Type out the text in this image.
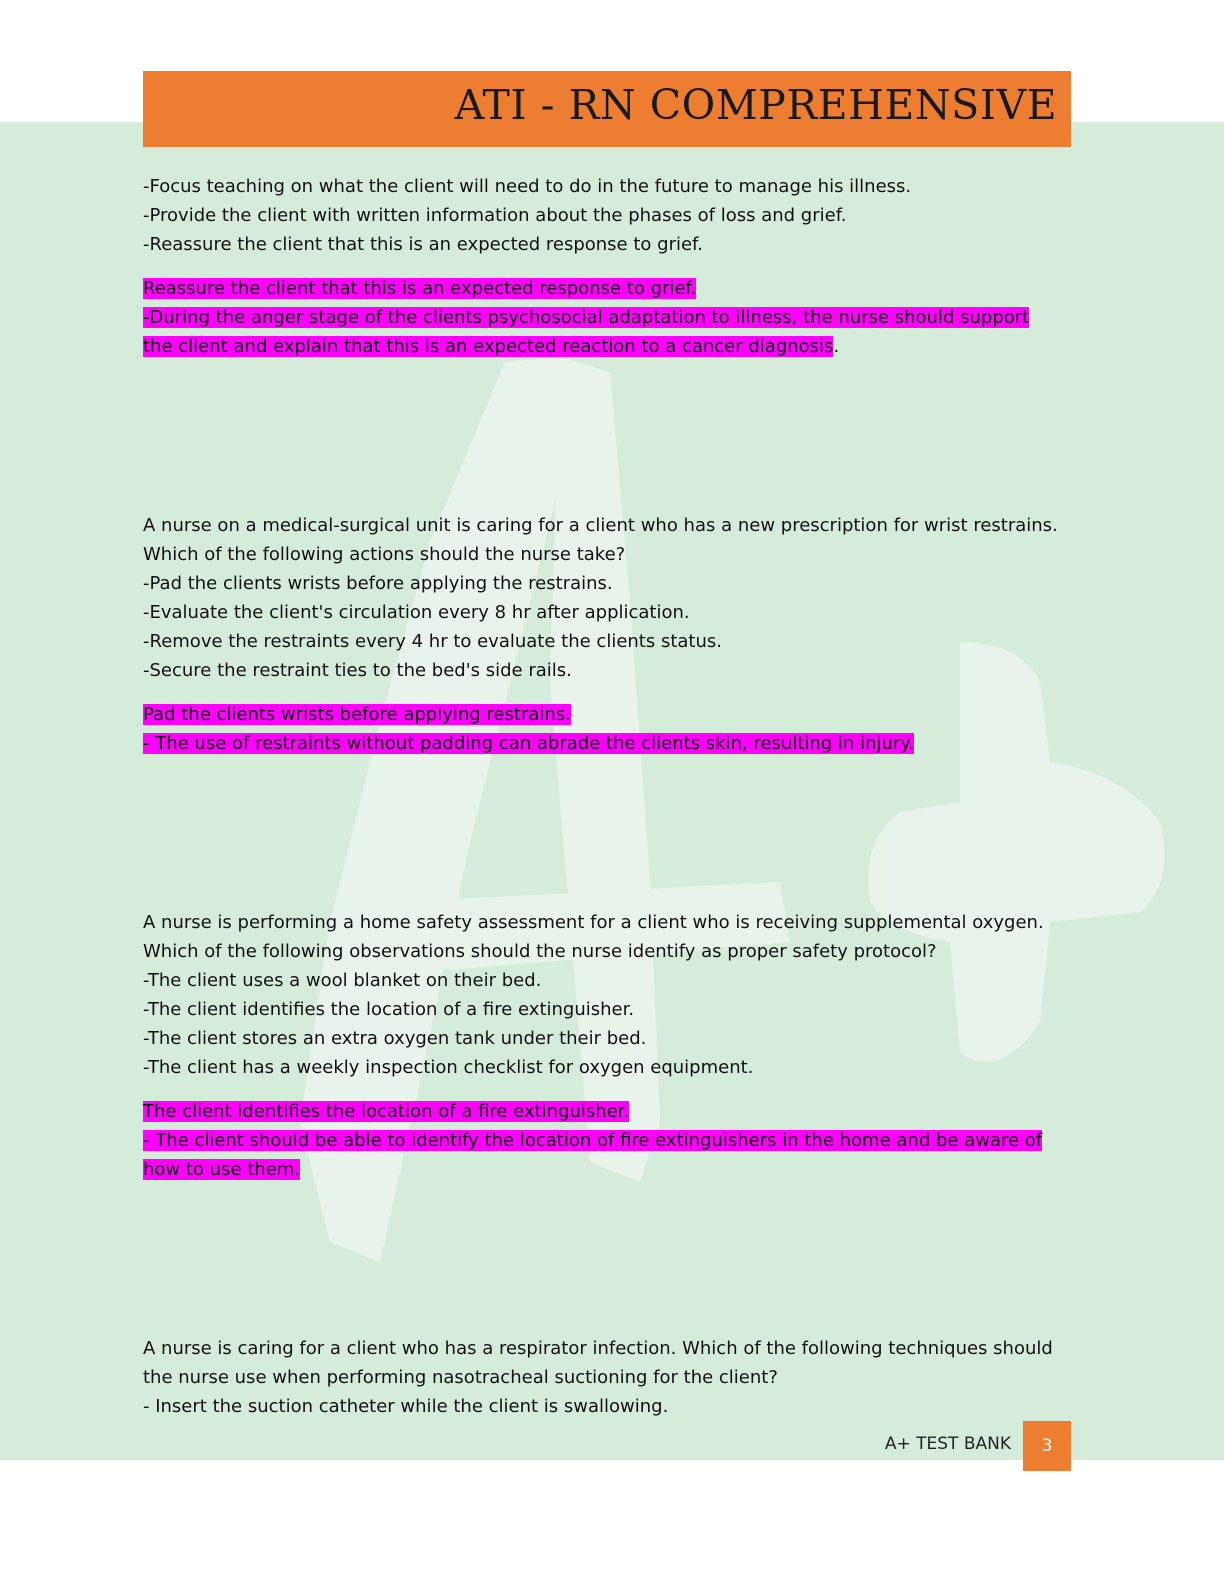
ATI - RN COMPREHENSIVE
-Focus teaching on what the client will need to do in the future to manage his illness.
-Provide the client with written information about the phases of loss and grief.
-Reassure the client that this is an expected response to grief.
Reassure the client that this is an expected response to grief.
-During the anger stage of the clients psychosocial adaptation to illness, the nurse should support
the client and explain that this is an expected reaction to a cancer diagnosis.
A nurse on a medical-surgical unit is caring for a client who has a new prescription for wrist restrains.
Which of the following actions should the nurse take?
-Pad the clients wrists before applying the restrains.
-Evaluate the client's circulation every 8 hr after application.
-Remove the restraints every 4 hr to evaluate the clients status.
-Secure the restraint ties to the bed's side rails.
Pad the clients wrists before applying restrains.
- The use of restraints without padding can abrade the clients skin, resulting in injury.
A nurse is performing a home safety assessment for a client who is receiving supplemental oxygen.
Which of the following observations should the nurse identify as proper safety protocol?
-The client uses a wool blanket on their bed.
-The client identifies the location of a fire extinguisher.
-The client stores an extra oxygen tank under their bed.
-The client has a weekly inspection checklist for oxygen equipment.
The client identifies the location of a fire extinguisher.
- The client should be able to identify the location of fire extinguishers in the home and be aware of
how to use them.
A nurse is caring for a client who has a respirator infection. Which of the following techniques should
the nurse use when performing nasotracheal suctioning for the client?
- Insert the suction catheter while the client is swallowing.
A+ TEST BANK	3
